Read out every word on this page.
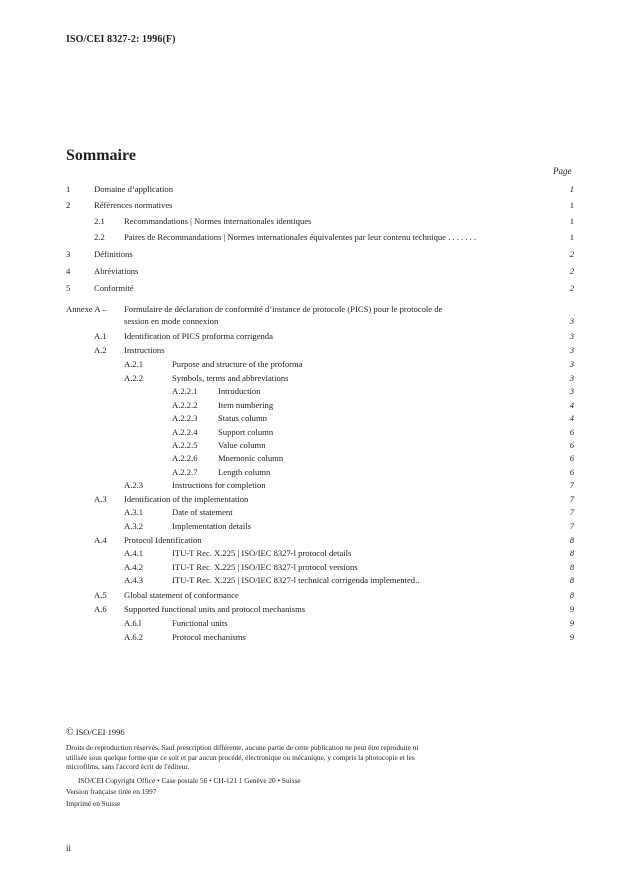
ISO/CEI 8327-2: 1996(F)
Sommaire
Page
1	Domaine d’application	1
2	Références normatives	1
2.1 Recommandations | Normes internationales identiques	1
2.2 Paires de Recommandations | Normes internationales équivalentes par leur contenu technique . . . . . . .	1
3	Définitions	2
4	Abréviations	2
5	Conformité	2
Annexe A – Formulaire de déclaration de conformité d’instance de protocole (PICS) pour le protocole de
session en mode connexion	3
A.1 Identification of PICS proforma corrigenda	3
A.2 Instructions	3
A.2.1	Purpose and structure of the proforma	3
A.2.2	Symbols, terms and abbreviations	3
A.2.2.1 Introduction	3
A.2.2.2 Item numbering	4
A.2.2.3 Status column	4
A.2.2.4 Support column	6
A.2.2.5 Value column	6
A.2.2.6 Mnemonic column	6
A.2.2.7 Length column	6
A.2.3	Instructions for completion	7
A.3 Identification of the implementation	7
A.3.1	Date of statement	7
A.3.2	Implementation details	7
A.4 Protocol Identification	8
A.4.1	ITU-T Rec. X.225 | ISO/IEC 8327-l protocol details	8
A.4.2	ITU-T Rec. X.225 | ISO/IEC 8327-l protocol versions	8
A.4.3	ITU-T Rec. X.225 | ISO/IEC 8327-l technical corrigenda implemented..	8
A.5 Global statement of conformance	8
A.6 Supported functional units and protocol mechanisms	9
A.6.l	Functional units	9
A.6.2	Protocol mechanisms	9
© ISO/CEI 1996
Droits de reproduction réservés. Sauf prescription différente, aucune partie de cette publication ne peut être reproduite ni utilisée sous quelque forme que ce soit et par aucun procédé, électronique ou mécanique, y compris la photocopie et les microfilms, sans l'accord écrit de l'éditeur.
ISO/CEI Copyright Office • Case postale 56 • CH-121 1 Genève 20 • Suisse
Version française tirée en 1997
Imprimé en Suisse
ii
